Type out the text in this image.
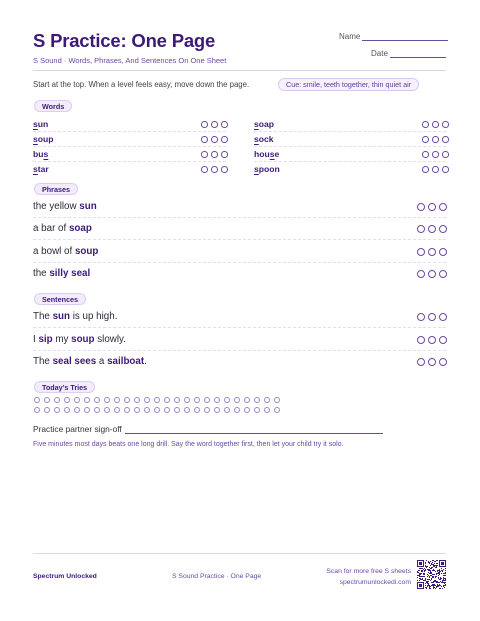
S Practice: One Page
S Sound · Words, Phrases, And Sentences On One Sheet
Name
Date
Start at the top. When a level feels easy, move down the page.	Cue: smile, teeth together, thin quiet air
Words
sun	soap
soup	sock
bus	house
star	spoon
Phrases
the yellow sun
a bar of soap
a bowl of soup
the silly seal
Sentences
The sun is up high.
I sip my soup slowly.
The seal sees a sailboat.
Today’s Tries
Practice partner sign-off
Five minutes most days beats one long drill. Say the word together first, then let your child try it solo.
Spectrum Unlocked	S Sound Practice · One Page
Scan for more free S sheets
spectrumunlockedi.com
